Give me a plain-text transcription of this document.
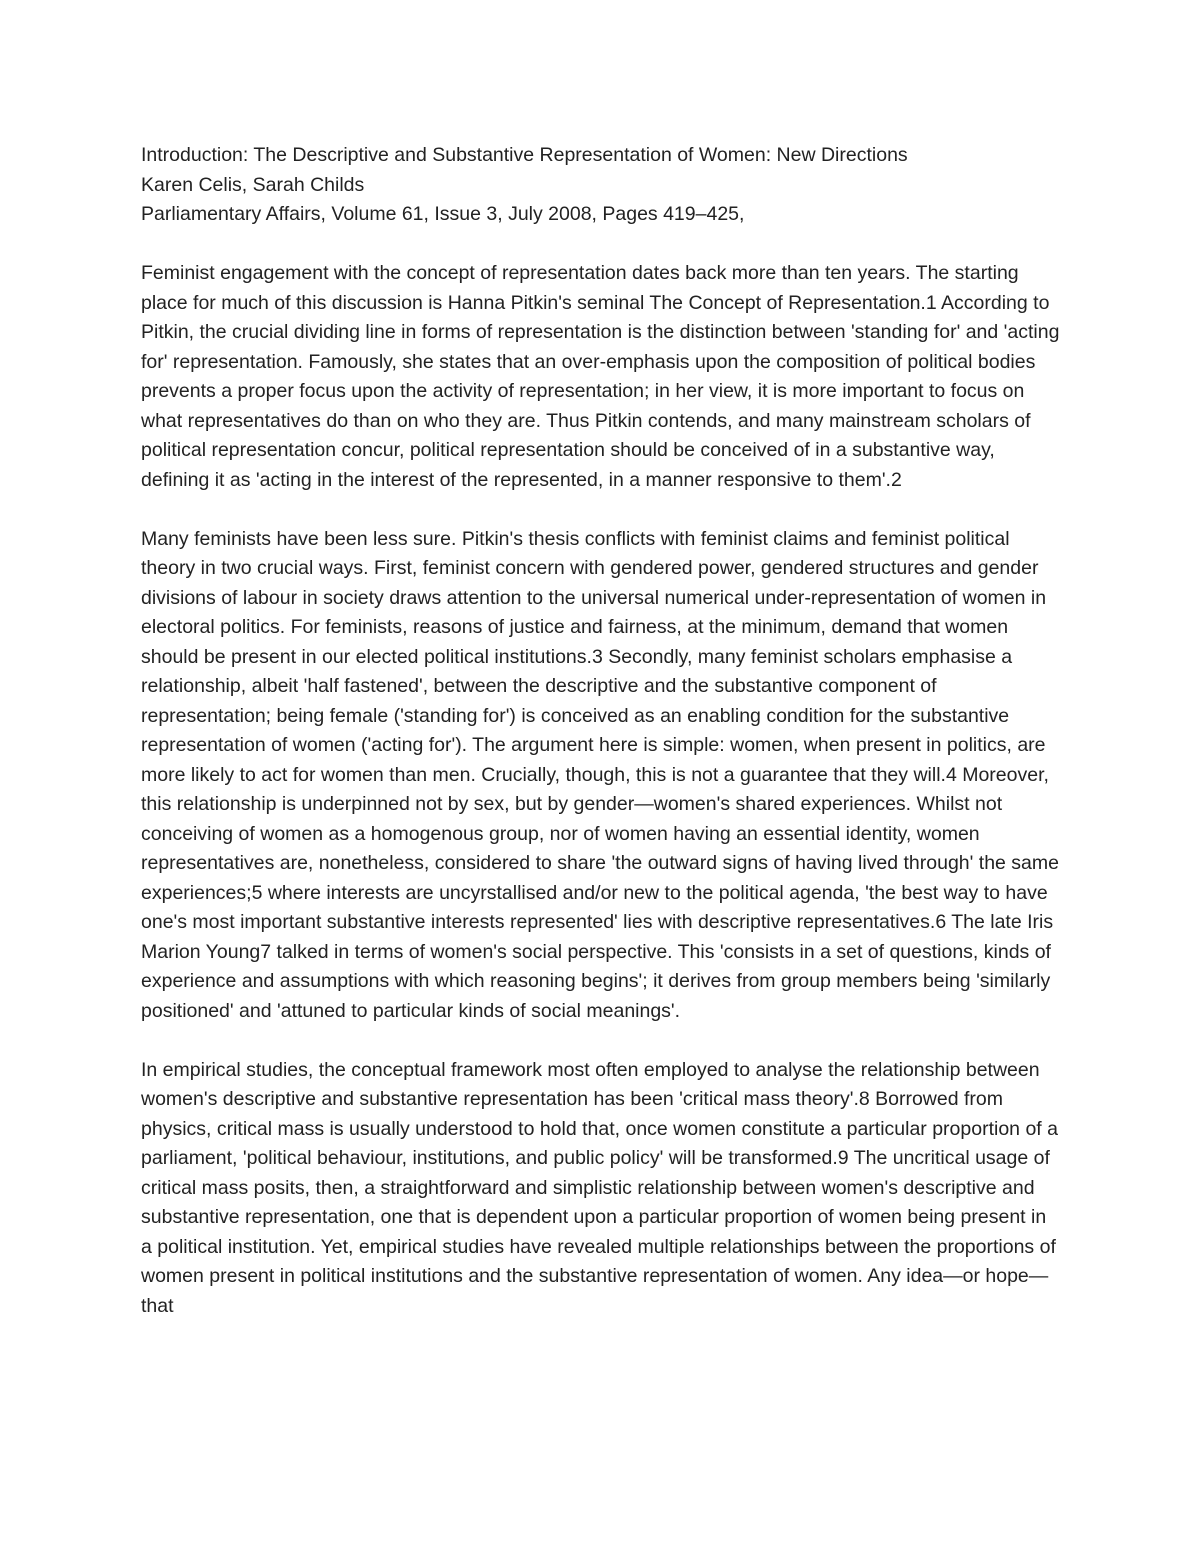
Introduction: The Descriptive and Substantive Representation of Women: New Directions
Karen Celis, Sarah Childs
Parliamentary Affairs, Volume 61, Issue 3, July 2008, Pages 419–425,

Feminist engagement with the concept of representation dates back more than ten years. The starting place for much of this discussion is Hanna Pitkin's seminal The Concept of Representation.1 According to Pitkin, the crucial dividing line in forms of representation is the distinction between 'standing for' and 'acting for' representation. Famously, she states that an over-emphasis upon the composition of political bodies prevents a proper focus upon the activity of representation; in her view, it is more important to focus on what representatives do than on who they are. Thus Pitkin contends, and many mainstream scholars of political representation concur, political representation should be conceived of in a substantive way, defining it as 'acting in the interest of the represented, in a manner responsive to them'.2

Many feminists have been less sure. Pitkin's thesis conflicts with feminist claims and feminist political theory in two crucial ways. First, feminist concern with gendered power, gendered structures and gender divisions of labour in society draws attention to the universal numerical under-representation of women in electoral politics. For feminists, reasons of justice and fairness, at the minimum, demand that women should be present in our elected political institutions.3 Secondly, many feminist scholars emphasise a relationship, albeit 'half fastened', between the descriptive and the substantive component of representation; being female ('standing for') is conceived as an enabling condition for the substantive representation of women ('acting for'). The argument here is simple: women, when present in politics, are more likely to act for women than men. Crucially, though, this is not a guarantee that they will.4 Moreover, this relationship is underpinned not by sex, but by gender—women's shared experiences. Whilst not conceiving of women as a homogenous group, nor of women having an essential identity, women representatives are, nonetheless, considered to share 'the outward signs of having lived through' the same experiences;5 where interests are uncyrstallised and/or new to the political agenda, 'the best way to have one's most important substantive interests represented' lies with descriptive representatives.6 The late Iris Marion Young7 talked in terms of women's social perspective. This 'consists in a set of questions, kinds of experience and assumptions with which reasoning begins'; it derives from group members being 'similarly positioned' and 'attuned to particular kinds of social meanings'.

In empirical studies, the conceptual framework most often employed to analyse the relationship between women's descriptive and substantive representation has been 'critical mass theory'.8 Borrowed from physics, critical mass is usually understood to hold that, once women constitute a particular proportion of a parliament, 'political behaviour, institutions, and public policy' will be transformed.9 The uncritical usage of critical mass posits, then, a straightforward and simplistic relationship between women's descriptive and substantive representation, one that is dependent upon a particular proportion of women being present in a political institution. Yet, empirical studies have revealed multiple relationships between the proportions of women present in political institutions and the substantive representation of women. Any idea—or hope—that
